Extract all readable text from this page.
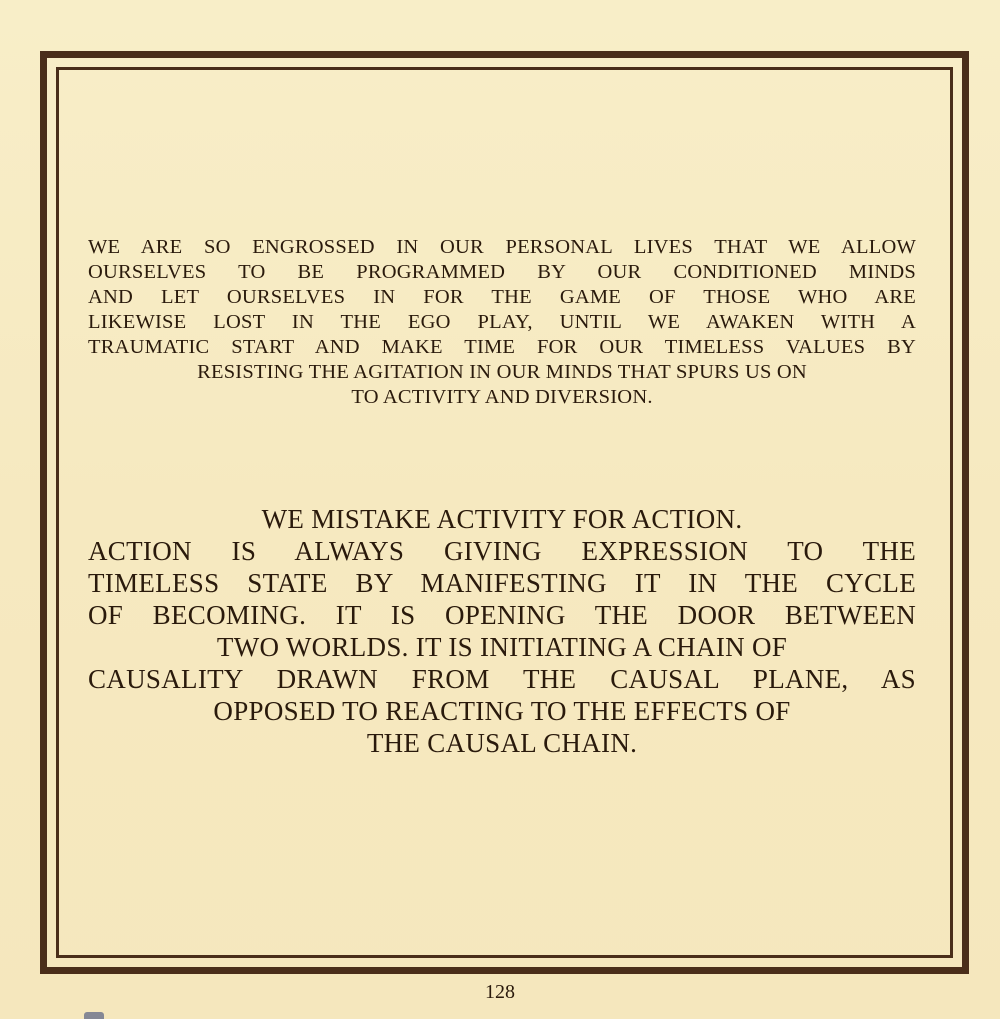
WE ARE SO ENGROSSED IN OUR PERSONAL LIVES THAT WE ALLOW
OURSELVES TO BE PROGRAMMED BY OUR CONDITIONED MINDS
AND LET OURSELVES IN FOR THE GAME OF THOSE WHO ARE
LIKEWISE LOST IN THE EGO PLAY, UNTIL WE AWAKEN WITH A
TRAUMATIC START AND MAKE TIME FOR OUR TIMELESS VALUES BY
RESISTING THE AGITATION IN OUR MINDS THAT SPURS US ON
TO ACTIVITY AND DIVERSION.
WE MISTAKE ACTIVITY FOR ACTION.
ACTION IS ALWAYS GIVING EXPRESSION TO THE
TIMELESS STATE BY MANIFESTING IT IN THE CYCLE
OF BECOMING. IT IS OPENING THE DOOR BETWEEN
TWO WORLDS. IT IS INITIATING A CHAIN OF
CAUSALITY DRAWN FROM THE CAUSAL PLANE, AS
OPPOSED TO REACTING TO THE EFFECTS OF
THE CAUSAL CHAIN.
128
